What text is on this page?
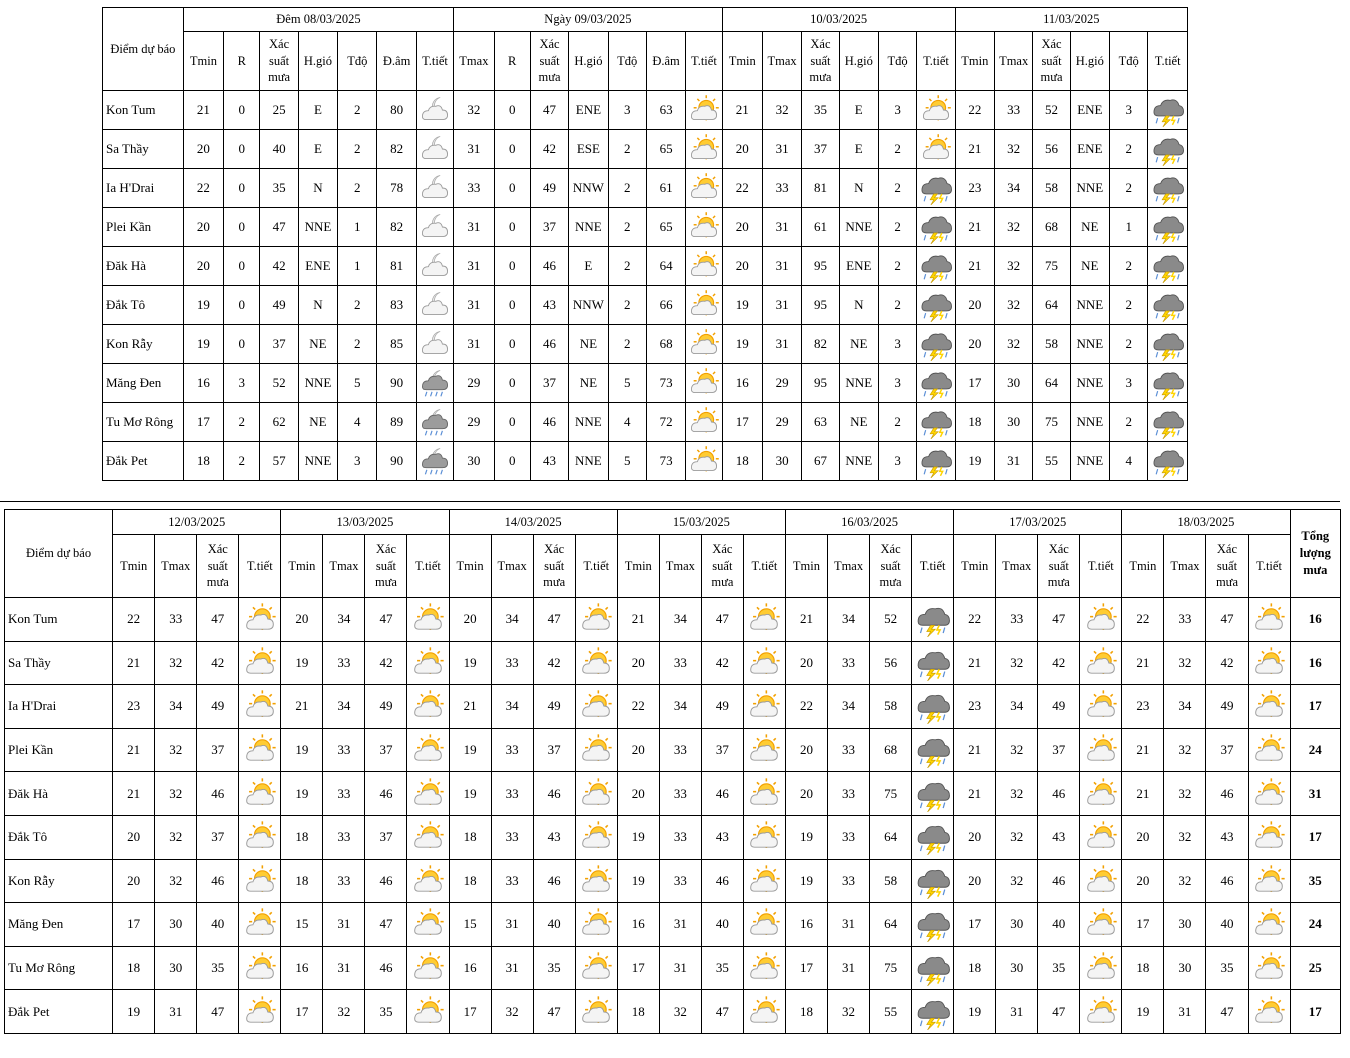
Điểm dự báo	Đêm 08/03/2025							Ngày 09/03/2025							10/03/2025						11/03/2025					
	Tmin	R	Xác suất mưa	H.gió	Tđộ	Đ.âm	T.tiết	Tmax	R	Xác suất mưa	H.gió	Tđộ	Đ.âm	T.tiết	Tmin	Tmax	Xác suất mưa	H.gió	Tđộ	T.tiết	Tmin	Tmax	Xác suất mưa	H.gió	Tđộ	T.tiết
Kon Tum	21	0	25	E	2	80		32	0	47	ENE	3	63		21	32	35	E	3		22	33	52	ENE	3	

Sa Thầy	20	0	40	E	2	82		31	0	42	ESE	2	65		20	31	37	E	2		21	32	56	ENE	2	

Ia H'Drai	22	0	35	N	2	78		33	0	49	NNW	2	61		22	33	81	N	2		23	34	58	NNE	2	

Plei Kần	20	0	47	NNE	1	82		31	0	37	NNE	2	65		20	31	61	NNE	2		21	32	68	NE	1	

Đăk Hà	20	0	42	ENE	1	81		31	0	46	E	2	64		20	31	95	ENE	2		21	32	75	NE	2	

Đắk Tô	19	0	49	N	2	83		31	0	43	NNW	2	66		19	31	95	N	2		20	32	64	NNE	2	

Kon Rẫy	19	0	37	NE	2	85		31	0	46	NE	2	68		19	31	82	NE	3		20	32	58	NNE	2	

Măng Đen	16	3	52	NNE	5	90		29	0	37	NE	5	73		16	29	95	NNE	3		17	30	64	NNE	3	

Tu Mơ Rông	17	2	62	NE	4	89		29	0	46	NNE	4	72		17	29	63	NE	2		18	30	75	NNE	2	

Đắk Pet	18	2	57	NNE	3	90		30	0	43	NNE	5	73		18	30	67	NNE	3		19	31	55	NNE	4	
Điểm dự báo	12/03/2025				13/03/2025				14/03/2025				15/03/2025				16/03/2025				17/03/2025				18/03/2025				Tổng lượng mưa
	Tmin	Tmax	Xác suất mưa	T.tiết	Tmin	Tmax	Xác suất mưa	T.tiết	Tmin	Tmax	Xác suất mưa	T.tiết	Tmin	Tmax	Xác suất mưa	T.tiết	Tmin	Tmax	Xác suất mưa	T.tiết	Tmin	Tmax	Xác suất mưa	T.tiết	Tmin	Tmax	Xác suất mưa	T.tiết	
Kon Tum	22	33	47		20	34	47		20	34	47		21	34	47		21	34	52		22	33	47		22	33	47		16
Sa Thầy	21	32	42		19	33	42		19	33	42		20	33	42		20	33	56		21	32	42		21	32	42		16
Ia H'Drai	23	34	49		21	34	49		21	34	49		22	34	49		22	34	58		23	34	49		23	34	49		17
Plei Kần	21	32	37		19	33	37		19	33	37		20	33	37		20	33	68		21	32	37		21	32	37		24
Đăk Hà	21	32	46		19	33	46		19	33	46		20	33	46		20	33	75		21	32	46		21	32	46		31
Đắk Tô	20	32	37		18	33	37		18	33	43		19	33	43		19	33	64		20	32	43		20	32	43		17
Kon Rẫy	20	32	46		18	33	46		18	33	46		19	33	46		19	33	58		20	32	46		20	32	46		35
Măng Đen	17	30	40		15	31	47		15	31	40		16	31	40		16	31	64		17	30	40		17	30	40		24
Tu Mơ Rông	18	30	35		16	31	46		16	31	35		17	31	35		17	31	75		18	30	35		18	30	35		25
Đắk Pet	19	31	47		17	32	35		17	32	47		18	32	47		18	32	55		19	31	47		19	31	47		17
